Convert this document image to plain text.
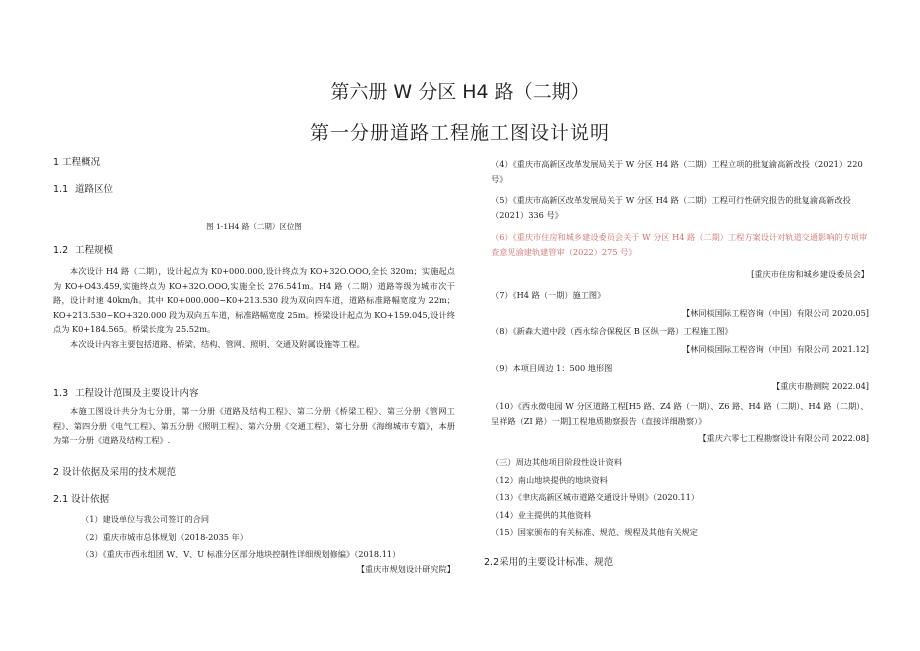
第六册 W 分区 H4 路（二期）
第一分册道路工程施工图设计说明

1 工程概况

1.1 道路区位

图 1-1H4 路（二期）区位图

1.2 工程规模

本次设计 H4 路（二期），设计起点为 K0+000.000,设计终点为 KO+32O.OOO,全长 320m；实施起点为 KO+O43.459,实施终点为 KO+32O.OOO,实施全长 276.541m。H4 路（二期）道路等级为城市次干路，设计时速 40km/h。其中 K0+000.000~K0+213.530 段为双向四车道，道路标准路幅宽度为 22m；KO+213.530~KO+320.000 段为双向五车道，标准路幅宽度 25m。桥梁设计起点为 KO+159.045,设计终点为 K0+184.565。桥梁长度为 25.52m。

本次设计内容主要包括道路、桥梁、结构、管网、照明、交通及附属设施等工程。

1.3 工程设计范围及主要设计内容

本施工图设计共分为七分册，第一分册《道路及结构工程》、第二分册《桥梁工程》、第三分册《管网工程》、第四分册《电气工程》、第五分册《照明工程》、第六分册《交通工程》、第七分册《海绵城市专篇》，本册为第一分册《道路及结构工程》.

2 设计依据及采用的技术规范

2.1 设计依据

（1）建设单位与我公司签订的合同

（2）重庆市城市总体规划（2018-2035 年）

（3）《重庆市西永组团 W、V、U 标准分区部分地块控制性详细规划修编》（2018.11）

【重庆市规划设计研究院】

（4）《重庆市高新区改革发展局关于 W 分区 H4 路（二期）工程立项的批复渝高新改投（2021）220 号》

（5）《重庆市高新区改革发展局关于 W 分区 H4 路（二期）工程可行性研究报告的批复渝高新改投（2021）336 号》

（6）《重庆市住房和城乡建设委员会关于 W 分区 H4 路（二期）工程方案设计对轨道交通影响的专项审查意见渝建轨建管审（2022）275 号》

[重庆市住房和城乡建设委员会】

（7）《H4 路（一期）施工图》

【林同棪国际工程咨询（中国）有限公司 2020.05]

（8）《新森大道中段（西永综合保税区 B 区纵一路）工程施工图》

【林同棪国际工程咨询（中国）有限公司 2021.12]

（9）本项目周边 1：500 地形图

【重庆市勘测院 2022.04]

（10）《西永微电园 W 分区道路工程[H5 路、Z4 路（一期）、Z6 路、H4 路（二期）、H4 路（二期）、呈祥路（ZI 路）一期]工程地质勘察报告（直接详细勘察）》

【重庆六零七工程勘察设计有限公司 2022.08]

（三）周边其他项目阶段性设计资料

（12）南山地块提供的地块资料

（13）《聿庆高新区城市道路交通设计导则》（2020.11）

（14）业主提供的其他资料

（15）国家颁布的有关标准、规范、规程及其他有关规定

2.2采用的主要设计标准、规范
